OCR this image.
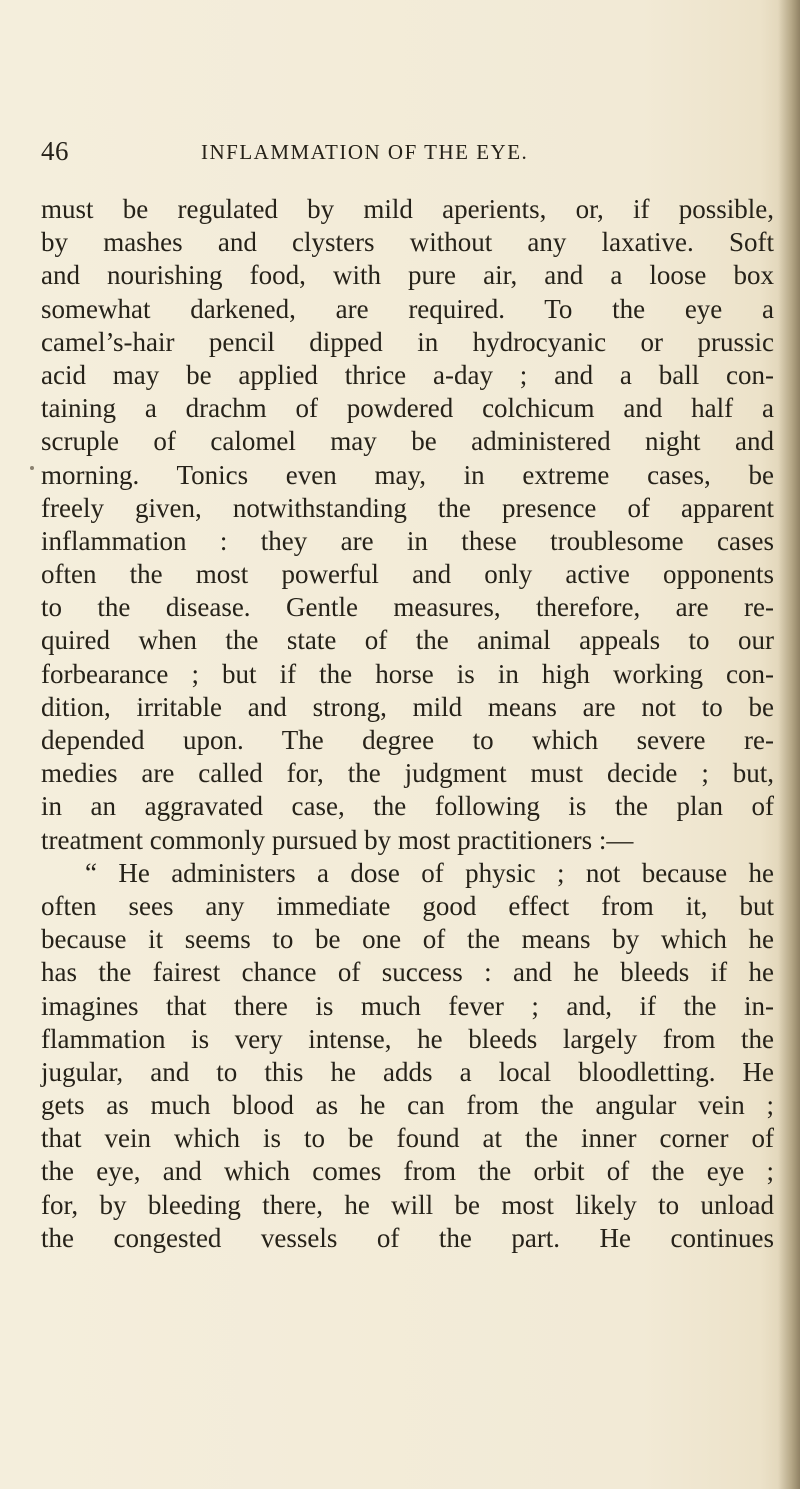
46	INFLAMMATION OF THE EYE.
must be regulated by mild aperients, or, if possible,
by mashes and clysters without any laxative. Soft
and nourishing food, with pure air, and a loose box
somewhat darkened, are required. To the eye a
camel’s-hair pencil dipped in hydrocyanic or prussic
acid may be applied thrice a-day ; and a ball con-
taining a drachm of powdered colchicum and half a
scruple of calomel may be administered night and
morning. Tonics even may, in extreme cases, be
freely given, notwithstanding the presence of apparent
inflammation : they are in these troublesome cases
often the most powerful and only active opponents
to the disease. Gentle measures, therefore, are re-
quired when the state of the animal appeals to our
forbearance ; but if the horse is in high working con-
dition, irritable and strong, mild means are not to be
depended upon. The degree to which severe re-
medies are called for, the judgment must decide ; but,
in an aggravated case, the following is the plan of
treatment commonly pursued by most practitioners :—
“ He administers a dose of physic ; not because he
often sees any immediate good effect from it, but
because it seems to be one of the means by which he
has the fairest chance of success : and he bleeds if he
imagines that there is much fever ; and, if the in-
flammation is very intense, he bleeds largely from the
jugular, and to this he adds a local bloodletting. He
gets as much blood as he can from the angular vein ;
that vein which is to be found at the inner corner of
the eye, and which comes from the orbit of the eye ;
for, by bleeding there, he will be most likely to unload
the congested vessels of the part. He continues
